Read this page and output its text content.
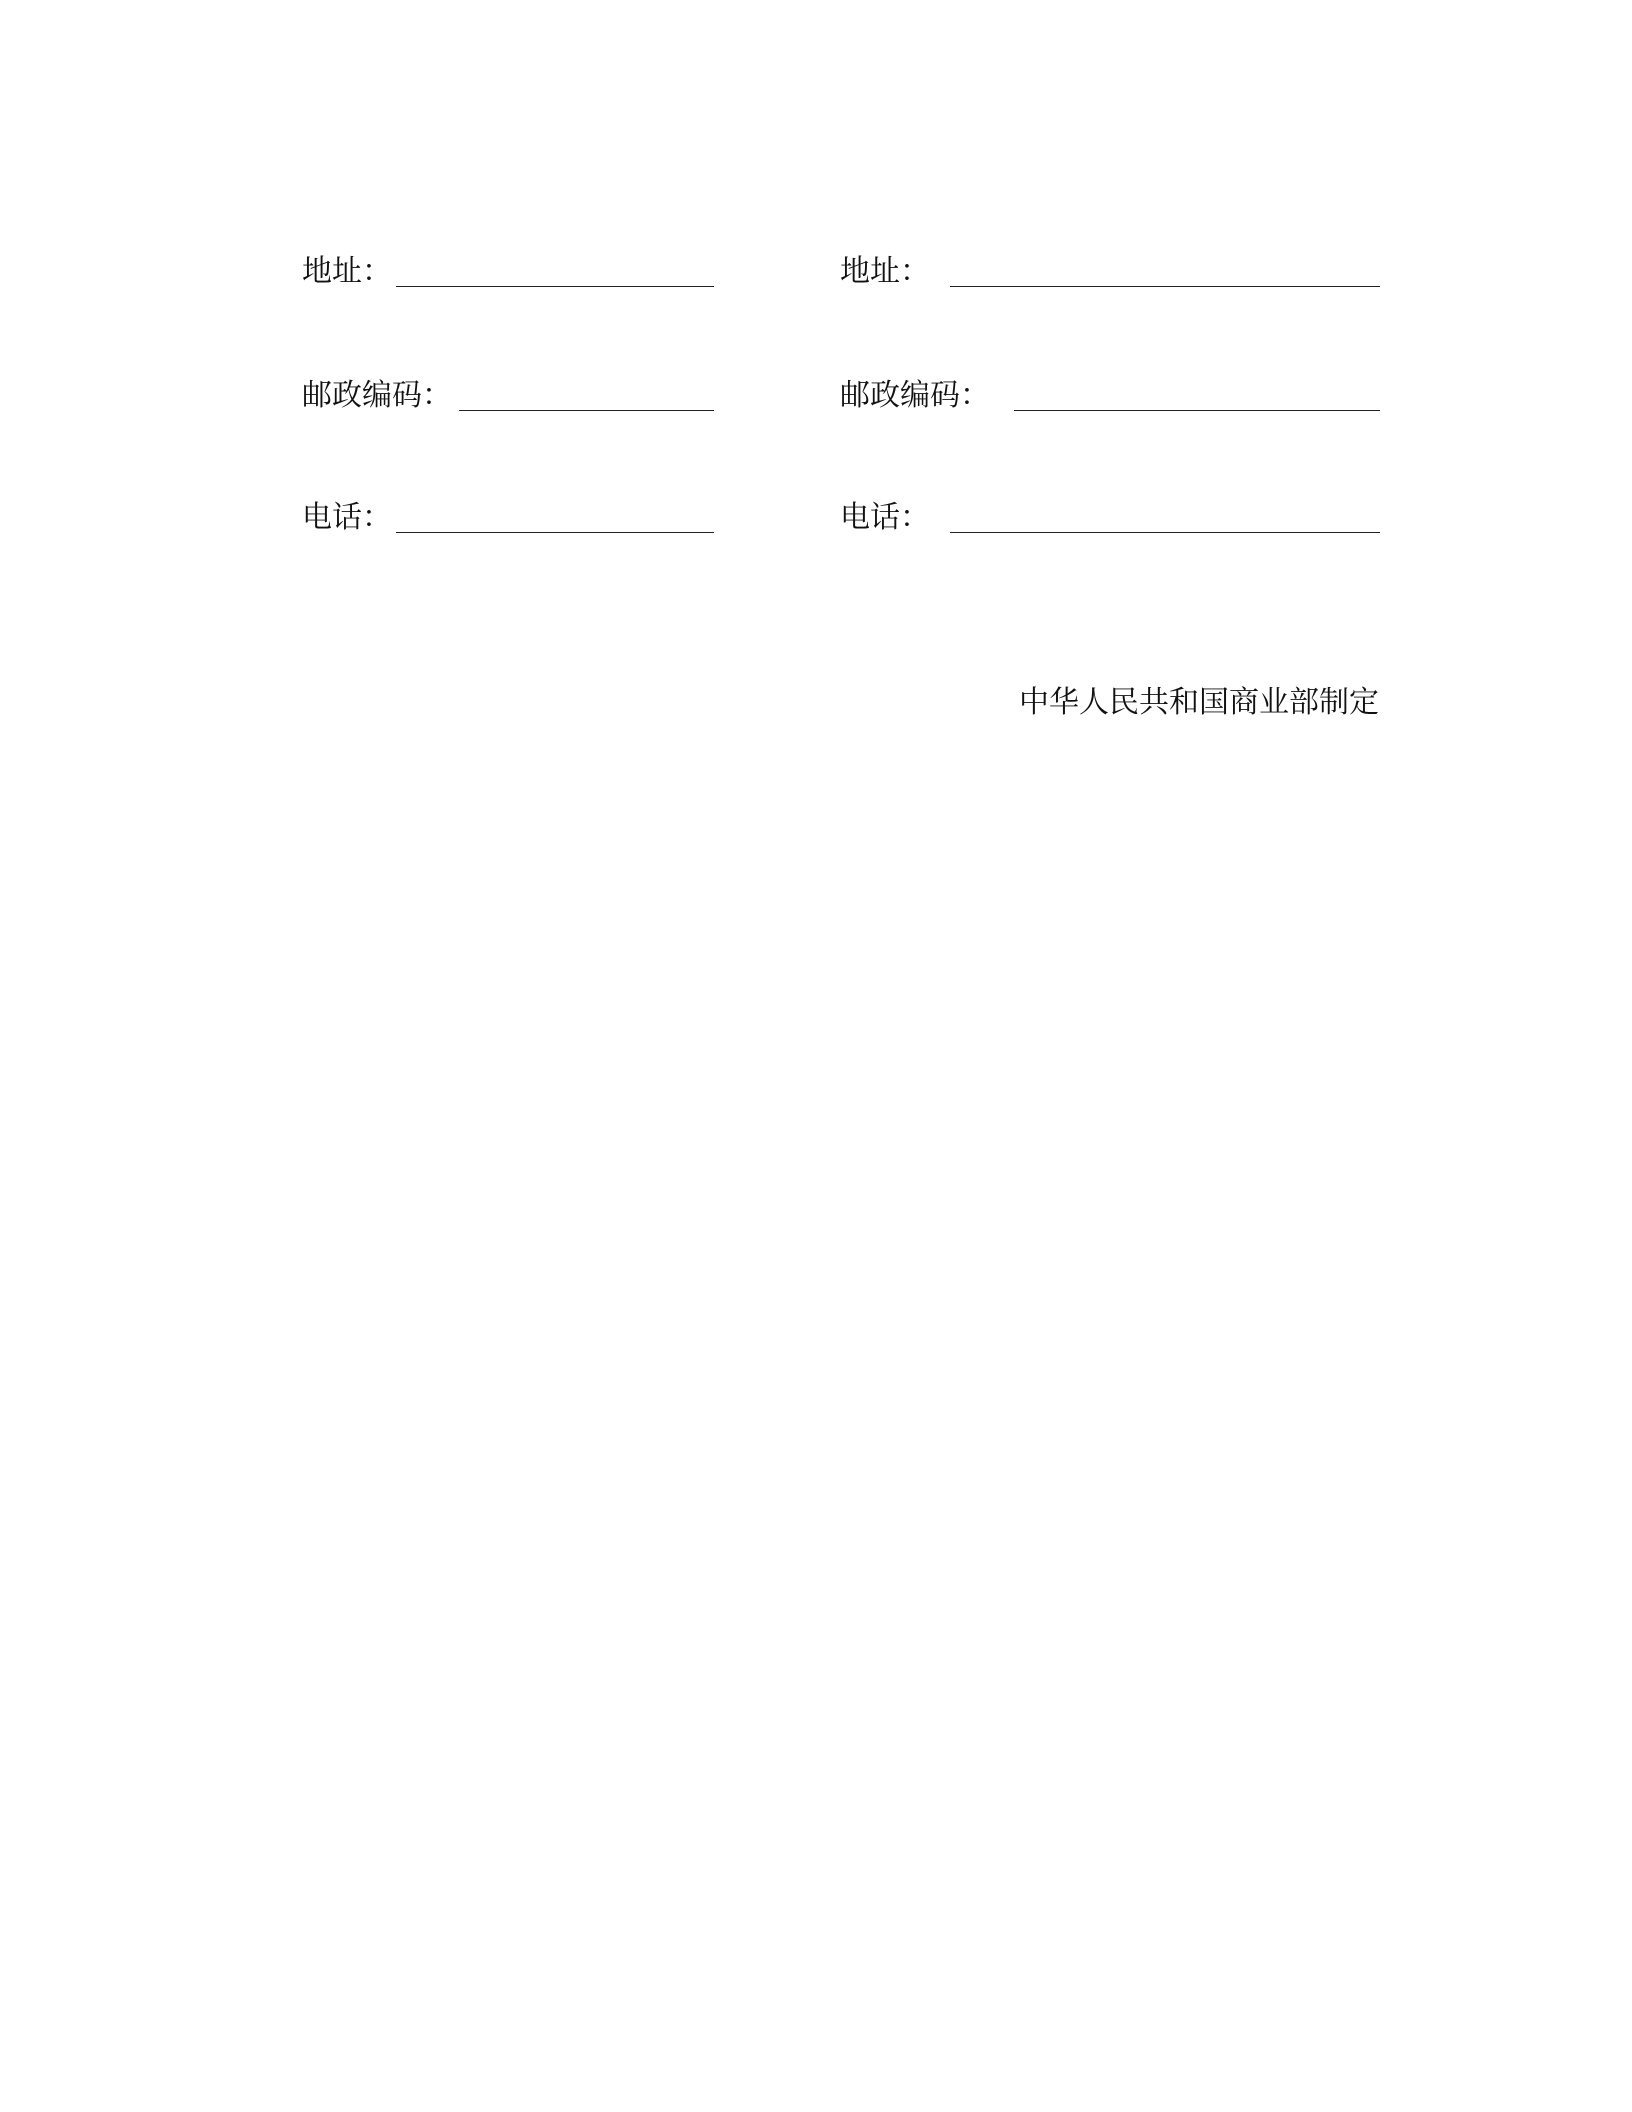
地址：
邮政编码：
电话：
地址：
邮政编码：
电话：
中华人民共和国商业部制定
